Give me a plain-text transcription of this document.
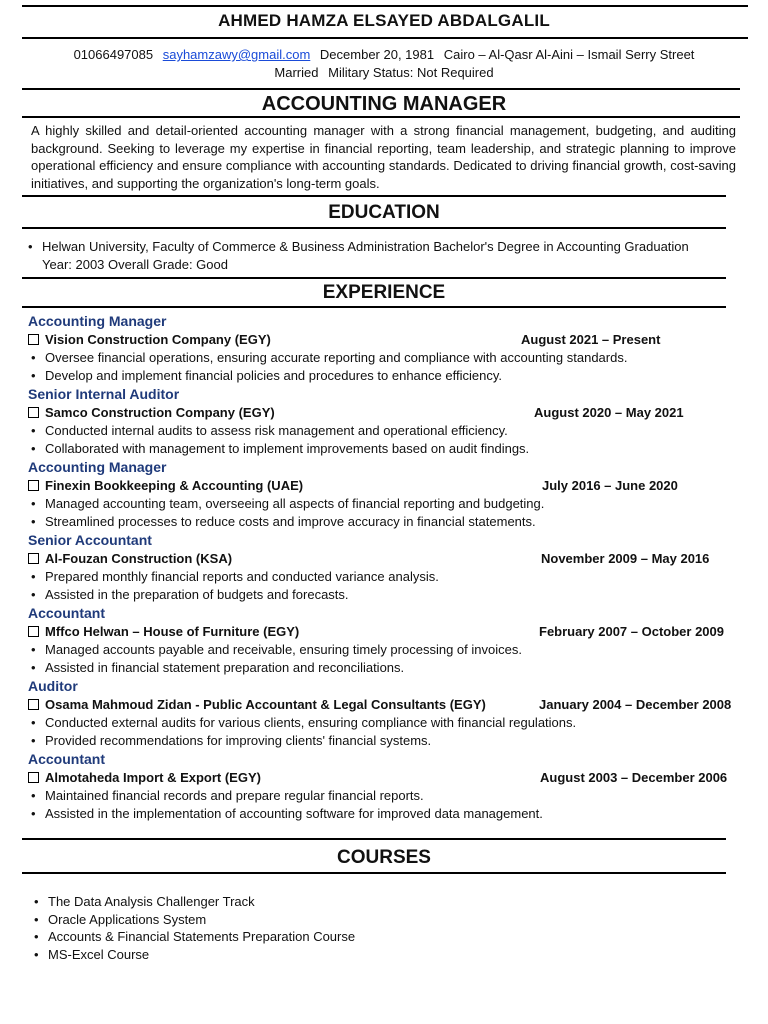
AHMED HAMZA ELSAYED ABDALGALIL
01066497085 sayhamzawy@gmail.com December 20, 1981 Cairo – Al-Qasr Al-Aini – Ismail Serry Street
Married Military Status: Not Required
ACCOUNTING MANAGER
A highly skilled and detail-oriented accounting manager with a strong financial management, budgeting, and auditing background. Seeking to leverage my expertise in financial reporting, team leadership, and strategic planning to improve operational efficiency and ensure compliance with accounting standards. Dedicated to driving financial growth, cost-saving initiatives, and supporting the organization's long-term goals.
EDUCATION
• Helwan University, Faculty of Commerce & Business Administration Bachelor's Degree in Accounting Graduation Year: 2003 Overall Grade: Good
EXPERIENCE
Accounting Manager
Vision Construction Company (EGY)	August 2021 – Present
• Oversee financial operations, ensuring accurate reporting and compliance with accounting standards.
• Develop and implement financial policies and procedures to enhance efficiency.
Senior Internal Auditor
Samco Construction Company (EGY)	August 2020 – May 2021
• Conducted internal audits to assess risk management and operational efficiency.
• Collaborated with management to implement improvements based on audit findings.
Accounting Manager
Finexin Bookkeeping & Accounting (UAE)	July 2016 – June 2020
• Managed accounting team, overseeing all aspects of financial reporting and budgeting.
• Streamlined processes to reduce costs and improve accuracy in financial statements.
Senior Accountant
Al-Fouzan Construction (KSA)	November 2009 – May 2016
• Prepared monthly financial reports and conducted variance analysis.
• Assisted in the preparation of budgets and forecasts.
Accountant
Mffco Helwan – House of Furniture (EGY)	February 2007 – October 2009
• Managed accounts payable and receivable, ensuring timely processing of invoices.
• Assisted in financial statement preparation and reconciliations.
Auditor
Osama Mahmoud Zidan - Public Accountant & Legal Consultants (EGY)	January 2004 – December 2008
• Conducted external audits for various clients, ensuring compliance with financial regulations.
• Provided recommendations for improving clients' financial systems.
Accountant
Almotaheda Import & Export (EGY)	August 2003 – December 2006
• Maintained financial records and prepare regular financial reports.
• Assisted in the implementation of accounting software for improved data management.
COURSES
• The Data Analysis Challenger Track
• Oracle Applications System
• Accounts & Financial Statements Preparation Course
• MS-Excel Course
